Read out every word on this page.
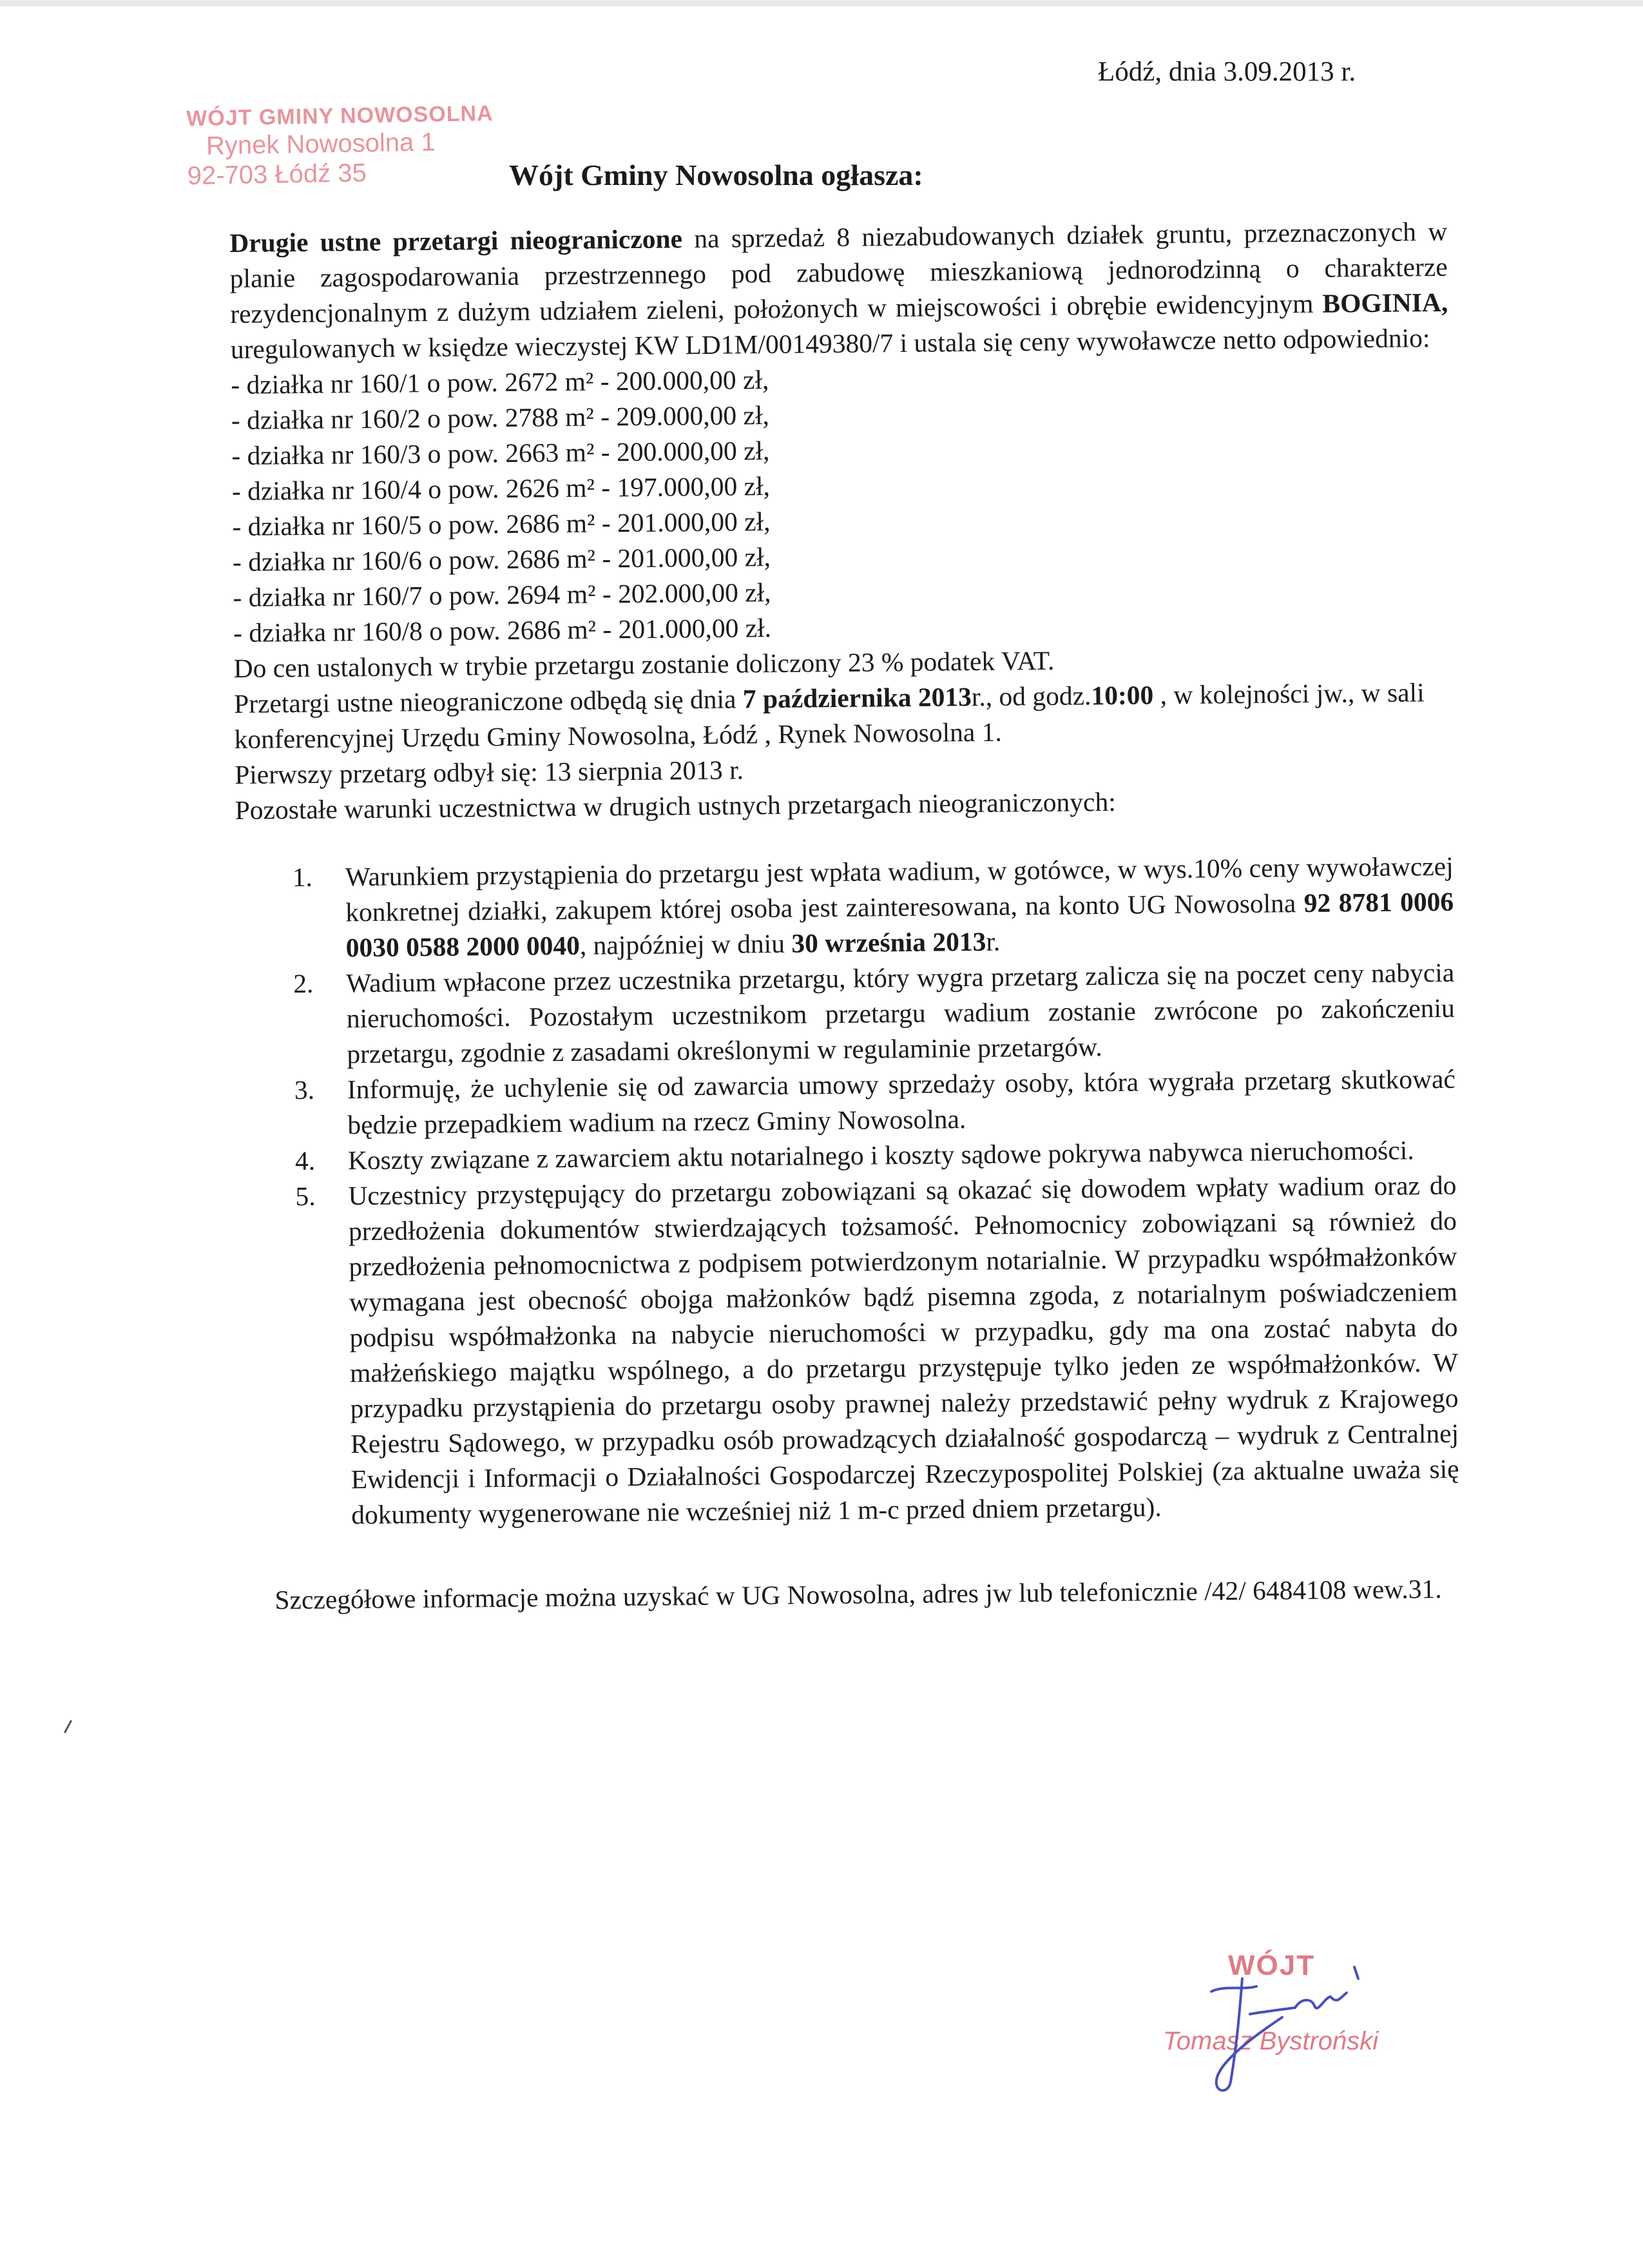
Łódź, dnia 3.09.2013 r.
WÓJT GMINY NOWOSOLNA
Rynek Nowosolna 1
92-703 Łódź 35	Wójt Gminy Nowosolna ogłasza:

Drugie ustne przetargi nieograniczone na sprzedaż 8 niezabudowanych działek gruntu, przeznaczonych w planie zagospodarowania przestrzennego pod zabudowę mieszkaniową jednorodzinną o charakterze rezydencjonalnym z dużym udziałem zieleni, położonych w miejscowości i obrębie ewidencyjnym BOGINIA, uregulowanych w księdze wieczystej KW LD1M/00149380/7 i ustala się ceny wywoławcze netto odpowiednio:

- działka nr 160/1 o pow. 2672 m² - 200.000,00 zł,
- działka nr 160/2 o pow. 2788 m² - 209.000,00 zł,
- działka nr 160/3 o pow. 2663 m² - 200.000,00 zł,
- działka nr 160/4 o pow. 2626 m² - 197.000,00 zł,
- działka nr 160/5 o pow. 2686 m² - 201.000,00 zł,
- działka nr 160/6 o pow. 2686 m² - 201.000,00 zł,
- działka nr 160/7 o pow. 2694 m² - 202.000,00 zł,
- działka nr 160/8 o pow. 2686 m² - 201.000,00 zł.

Do cen ustalonych w trybie przetargu zostanie doliczony 23 % podatek VAT.

Przetargi ustne nieograniczone odbędą się dnia 7 października 2013r., od godz.10:00 , w kolejności jw., w sali konferencyjnej Urzędu Gminy Nowosolna, Łódź , Rynek Nowosolna 1.

Pierwszy przetarg odbył się: 13 sierpnia 2013 r.

Pozostałe warunki uczestnictwa w drugich ustnych przetargach nieograniczonych:

1. Warunkiem przystąpienia do przetargu jest wpłata wadium, w gotówce, w wys.10% ceny wywoławczej konkretnej działki, zakupem której osoba jest zainteresowana, na konto UG Nowosolna 92 8781 0006 0030 0588 2000 0040, najpóźniej w dniu 30 września 2013r.
2. Wadium wpłacone przez uczestnika przetargu, który wygra przetarg zalicza się na poczet ceny nabycia nieruchomości. Pozostałym uczestnikom przetargu wadium zostanie zwrócone po zakończeniu przetargu, zgodnie z zasadami określonymi w regulaminie przetargów.
3. Informuję, że uchylenie się od zawarcia umowy sprzedaży osoby, która wygrała przetarg skutkować będzie przepadkiem wadium na rzecz Gminy Nowosolna.
4. Koszty związane z zawarciem aktu notarialnego i koszty sądowe pokrywa nabywca nieruchomości.
5. Uczestnicy przystępujący do przetargu zobowiązani są okazać się dowodem wpłaty wadium oraz do przedłożenia dokumentów stwierdzających tożsamość. Pełnomocnicy zobowiązani są również do przedłożenia pełnomocnictwa z podpisem potwierdzonym notarialnie. W przypadku współmałżonków wymagana jest obecność obojga małżonków bądź pisemna zgoda, z notarialnym poświadczeniem podpisu współmałżonka na nabycie nieruchomości w przypadku, gdy ma ona zostać nabyta do małżeńskiego majątku wspólnego, a do przetargu przystępuje tylko jeden ze współmałżonków. W przypadku przystąpienia do przetargu osoby prawnej należy przedstawić pełny wydruk z Krajowego Rejestru Sądowego, w przypadku osób prowadzących działalność gospodarczą – wydruk z Centralnej Ewidencji i Informacji o Działalności Gospodarczej Rzeczypospolitej Polskiej (za aktualne uważa się dokumenty wygenerowane nie wcześniej niż 1 m-c przed dniem przetargu).

Szczegółowe informacje można uzyskać w UG Nowosolna, adres jw lub telefonicznie /42/ 6484108 wew.31.

WÓJT
Tomasz Bystroński
